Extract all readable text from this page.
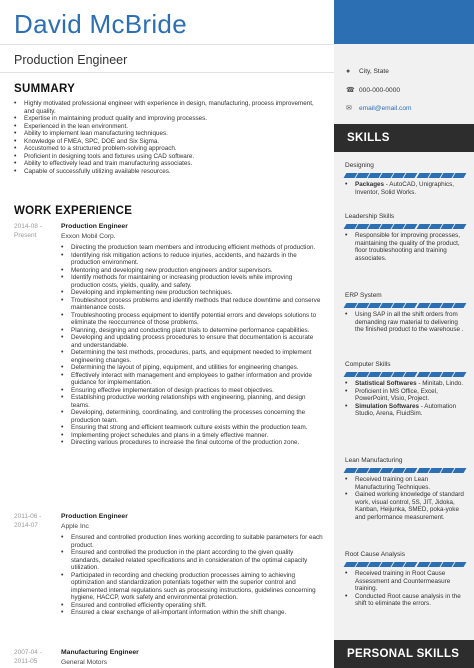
David McBride
Production Engineer
SUMMARY
• Highly motivated professional engineer with experience in design, manufacturing, process improvement, and quality.
• Expertise in maintaining product quality and improving processes.
• Experienced in the lean environment.
• Ability to implement lean manufacturing techniques.
• Knowledge of FMEA, SPC, DOE and Six Sigma.
• Accustomed to a structured problem-solving approach.
• Proficient in designing tools and fixtures using CAD software.
• Ability to effectively lead and train manufacturing associates.
• Capable of successfully utilizing available resources.
WORK EXPERIENCE
2014-08 -
Present
Production Engineer
Exxon Mobil Corp.
• Directing the production team members and introducing efficient methods of production.
• Identifying risk mitigation actions to reduce injuries, accidents, and hazards in the production environment.
• Mentoring and developing new production engineers and/or supervisors.
• Identify methods for maintaining or increasing production levels while improving production costs, yields, quality, and safety.
• Developing and implementing new production techniques.
• Troubleshoot process problems and identify methods that reduce downtime and conserve maintenance costs.
• Troubleshooting process equipment to identify potential errors and develops solutions to eliminate the reoccurrence of those problems.
• Planning, designing and conducting plant trials to determine performance capabilities.
• Developing and updating process procedures to ensure that documentation is accurate and understandable.
• Determining the test methods, procedures, parts, and equipment needed to implement engineering changes.
• Determining the layout of piping, equipment, and utilities for engineering changes.
• Effectively interact with management and employees to gather information and provide guidance for implementation.
• Ensuring effective implementation of design practices to meet objectives.
• Establishing productive working relationships with engineering, planning, and design teams.
• Developing, determining, coordinating, and controlling the processes concerning the production team.
• Ensuring that strong and efficient teamwork culture exists within the production team.
• Implementing project schedules and plans in a timely effective manner.
• Directing various procedures to increase the final outcome of the production zone.
2011-06 -
2014-07
Production Engineer
Apple Inc
• Ensured and controlled production lines working according to suitable parameters for each product.
• Ensured and controlled the production in the plant according to the given quality standards, detailed related specifications and in consideration of the optimal capacity utilization.
• Participated in recording and checking production processes aiming to achieving optimization and standardization potentials together with the superior control and implemented internal regulations such as processing instructions, guidelines concerning hygiene, HACCP, work safety and environmental protection.
• Ensured and controlled efficiently operating shift.
• Ensured a clear exchange of all-important information within the shift change.
2007-04 -
2011-05
Manufacturing Engineer
General Motors
● City, State
☎ 000-000-0000
✉ email@email.com
SKILLS
Designing
• Packages - AutoCAD, Unigraphics, Inventor, Solid Works.
Leadership Skills
• Responsible for improving processes, maintaining the quality of the product, floor troubleshooting and training associates.
ERP System
• Using SAP in all the shift orders from demanding raw material to delivering the finished product to the warehouse .
Computer Skills
• Statistical Softwares - Minitab, Lindo.
• Proficient in MS Office, Excel, PowerPoint, Visio, Project.
• Simulation Softwares - Automation Studio, Arena, FluidSim.
Lean Manufacturing
• Received training on Lean Manufacturing Techniques.
• Gained working knowledge of standard work, visual control, 5S, JIT, Jidoka, Kanban, Heijunka, SMED, poka-yoke and performance measurement.
Root Cause Analysis
• Received training in Root Cause Assessment and Countermeasure training.
• Conducted Root cause analysis in the shift to eliminate the errors.
PERSONAL SKILLS
